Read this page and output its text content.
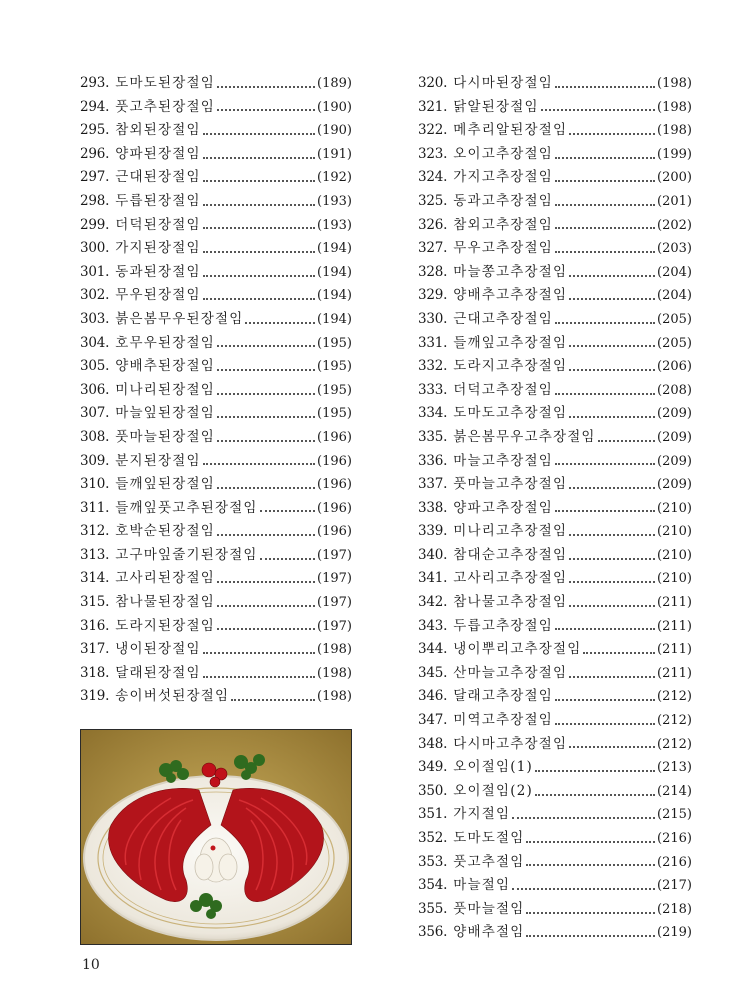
293. 도마도된장절임	(189)
294. 풋고추된장절임	(190)
295. 참외된장절임	(190)
296. 양파된장절임	(191)
297. 근대된장절임	(192)
298. 두릅된장절임	(193)
299. 더덕된장절임	(193)
300. 가지된장절임	(194)
301. 동과된장절임	(194)
302. 무우된장절임	(194)
303. 붉은봄무우된장절임	(194)
304. 호무우된장절임	(195)
305. 양배추된장절임	(195)
306. 미나리된장절임	(195)
307. 마늘잎된장절임	(195)
308. 풋마늘된장절임	(196)
309. 분지된장절임	(196)
310. 들깨잎된장절임	(196)
311. 들깨잎풋고추된장절임	(196)
312. 호박순된장절임	(196)
313. 고구마잎줄기된장절임	(197)
314. 고사리된장절임	(197)
315. 참나물된장절임	(197)
316. 도라지된장절임	(197)
317. 냉이된장절임	(198)
318. 달래된장절임	(198)
319. 송이버섯된장절임	(198)
320. 다시마된장절임	(198)
321. 닭알된장절임	(198)
322. 메추리알된장절임	(198)
323. 오이고추장절임	(199)
324. 가지고추장절임	(200)
325. 동과고추장절임	(201)
326. 참외고추장절임	(202)
327. 무우고추장절임	(203)
328. 마늘쫑고추장절임	(204)
329. 양배추고추장절임	(204)
330. 근대고추장절임	(205)
331. 들깨잎고추장절임	(205)
332. 도라지고추장절임	(206)
333. 더덕고추장절임	(208)
334. 도마도고추장절임	(209)
335. 붉은봄무우고추장절임	(209)
336. 마늘고추장절임	(209)
337. 풋마늘고추장절임	(209)
338. 양파고추장절임	(210)
339. 미나리고추장절임	(210)
340. 참대순고추장절임	(210)
341. 고사리고추장절임	(210)
342. 참나물고추장절임	(211)
343. 두릅고추장절임	(211)
344. 냉이뿌리고추장절임	(211)
345. 산마늘고추장절임	(211)
346. 달래고추장절임	(212)
347. 미역고추장절임	(212)
348. 다시마고추장절임	(212)
349. 오이절임(1)	(213)
350. 오이절임(2)	(214)
351. 가지절임	(215)
352. 도마도절임	(216)
353. 풋고추절임	(216)
354. 마늘절임	(217)
355. 풋마늘절임	(218)
356. 양배추절임	(219)
10
